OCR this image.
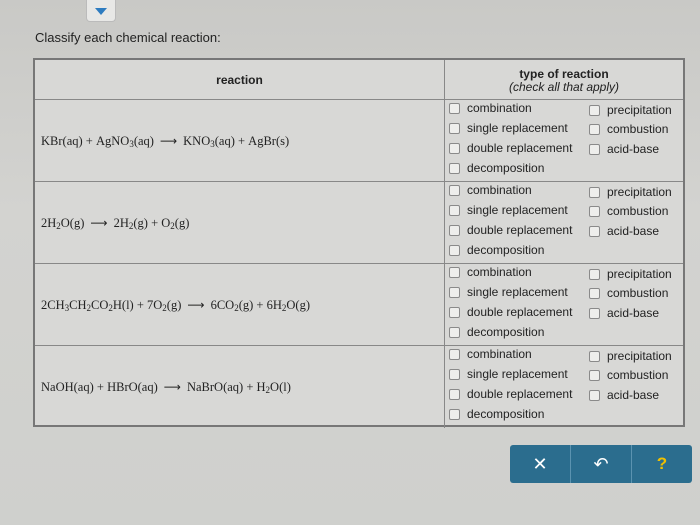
Classify each chemical reaction:
reaction	type of reaction
(check all that apply)
KBr(aq) + AgNO 3 (aq) ⟶ KNO 3 (aq) + AgBr(s)
combination
single replacement
double replacement
decomposition
precipitation
combustion
acid-base
2H 2 O(g) ⟶ 2H 2 (g) + O 2 (g)
combination
single replacement
double replacement
decomposition
precipitation
combustion
acid-base
2CH 3 CH 2 CO 2 H(l) + 7O 2 (g) ⟶ 6CO 2 (g) + 6H 2 O(g)
combination
single replacement
double replacement
decomposition
precipitation
combustion
acid-base
NaOH(aq) + HBrO(aq) ⟶ NaBrO(aq) + H 2 O(l)
combination
single replacement
double replacement
decomposition
precipitation
combustion
acid-base
✕	↶	?
